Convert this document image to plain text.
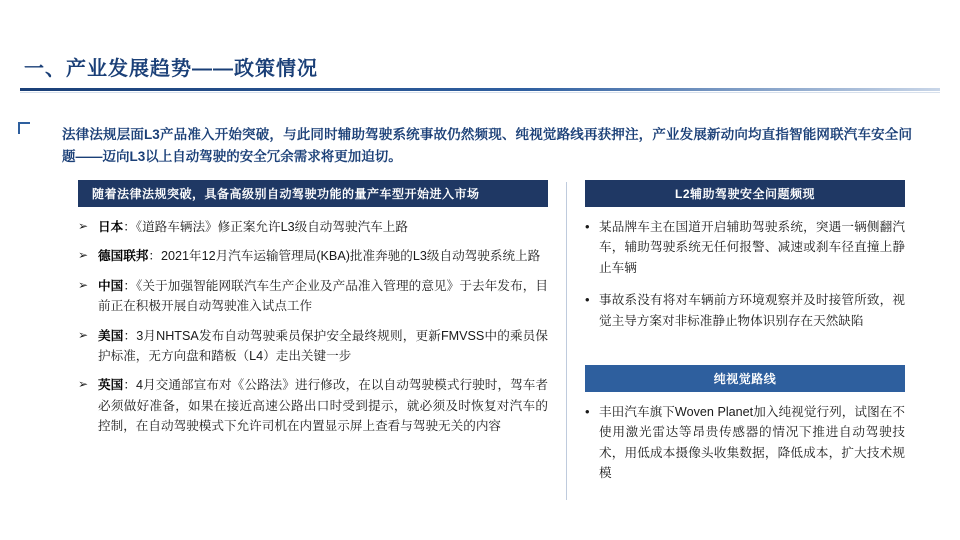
一、产业发展趋势——政策情况
法律法规层面L3产品准入开始突破，与此同时辅助驾驶系统事故仍然频现、纯视觉路线再获押注，产业发展新动向均直指智能网联汽车安全问题——迈向L3以上自动驾驶的安全冗余需求将更加迫切。
随着法律法规突破，具备高级别自动驾驶功能的量产车型开始进入市场
➢ 日本：《道路车辆法》修正案允许L3级自动驾驶汽车上路
➢ 德国联邦：2021年12月汽车运输管理局(KBA)批准奔驰的L3级自动驾驶系统上路
➢ 中国：《关于加强智能网联汽车生产企业及产品准入管理的意见》于去年发布，目前正在积极开展自动驾驶准入试点工作
➢ 美国：3月NHTSA发布自动驾驶乘员保护安全最终规则，更新FMVSS中的乘员保护标准，无方向盘和踏板（L4）走出关键一步
➢ 英国：4月交通部宣布对《公路法》进行修改，在以自动驾驶模式行驶时，驾车者必须做好准备，如果在接近高速公路出口时受到提示，就必须及时恢复对汽车的控制，在自动驾驶模式下允许司机在内置显示屏上查看与驾驶无关的内容
L2辅助驾驶安全问题频现
• 某品牌车主在国道开启辅助驾驶系统，突遇一辆侧翻汽车，辅助驾驶系统无任何报警、减速或刹车径直撞上静止车辆
• 事故系没有将对车辆前方环境观察并及时接管所致，视觉主导方案对非标准静止物体识别存在天然缺陷
纯视觉路线
• 丰田汽车旗下Woven Planet加入纯视觉行列，试图在不使用激光雷达等昂贵传感器的情况下推进自动驾驶技术，用低成本摄像头收集数据，降低成本，扩大技术规模
